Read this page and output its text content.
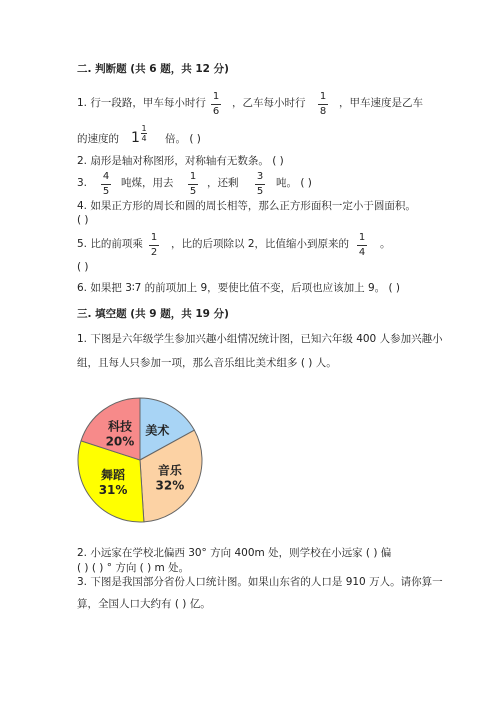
二. 判断题 (共 6 题，共 12 分)
1. 行一段路，甲车每小时行
1
6
，乙车每小时行
1
8
，甲车速度是乙车
的速度的 1
1
4 倍。 ( )
2. 扇形是轴对称图形，对称轴有无数条。 ( )
3.
4
5
吨煤，用去
1
5
，还剩
3
5
吨。 ( )
4. 如果正方形的周长和圆的周长相等，那么正方形面积一定小于圆面积。
( )
5. 比的前项乘
1
2
，比的后项除以 2，比值缩小到原来的
1
4
。
( )
6. 如果把 3∶7 的前项加上 9，要使比值不变，后项也应该加上 9。 ( )
三. 填空题 (共 9 题，共 19 分)
1. 下图是六年级学生参加兴趣小组情况统计图，已知六年级 400 人参加兴趣小
组，且每人只参加一项，那么音乐组比美术组多 ( ) 人。
美术
音乐
32%
舞蹈
31%
科技
20%
2. 小远家在学校北偏西 30° 方向 400m 处，则学校在小远家 ( ) 偏
( ) ( ) ° 方向 ( ) m 处。
3. 下图是我国部分省份人口统计图。如果山东省的人口是 910 万人。请你算一
算，全国人口大约有 ( ) 亿。
